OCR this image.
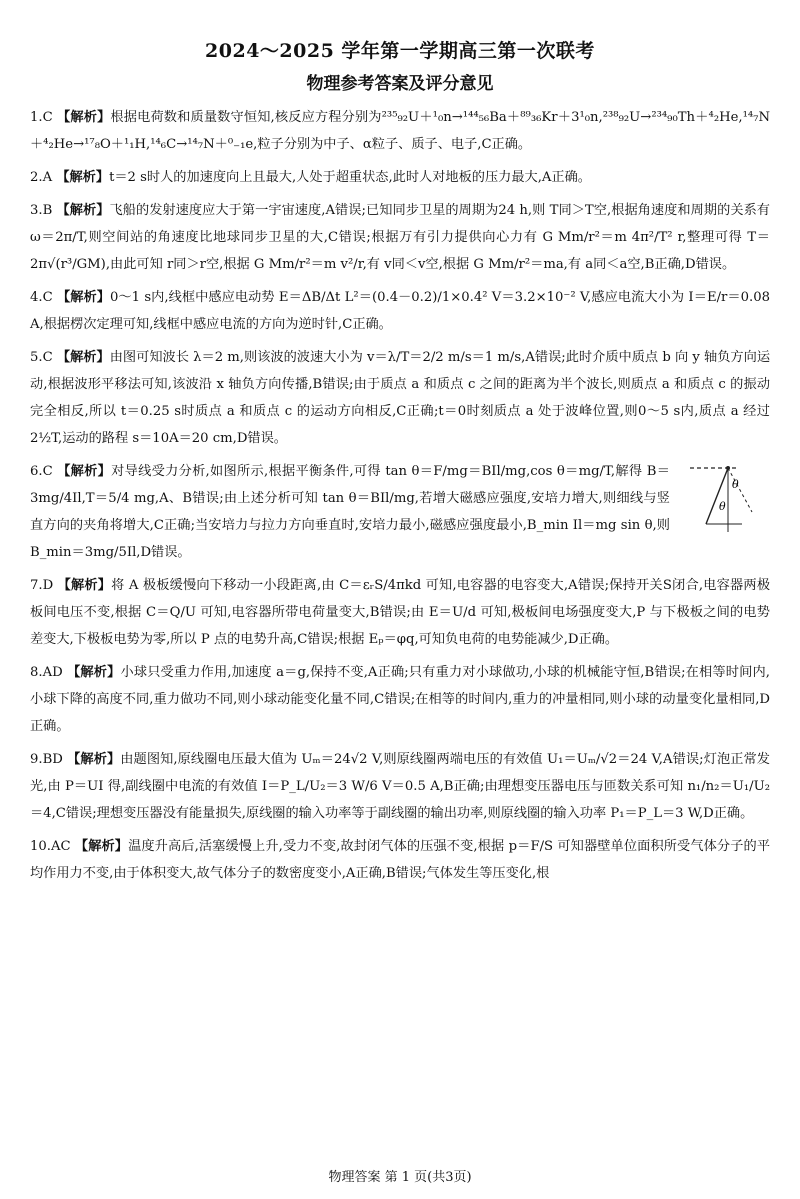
2024～2025 学年第一学期高三第一次联考
物理参考答案及评分意见

1.C 【解析】根据电荷数和质量数守恒知,核反应方程分别为²³⁵₉₂U＋¹₀n→¹⁴⁴₅₆Ba＋⁸⁹₃₆Kr＋3¹₀n,²³⁸₉₂U→²³⁴₉₀Th＋⁴₂He,¹⁴₇N＋⁴₂He→¹⁷₈O＋¹₁H,¹⁴₆C→¹⁴₇N＋⁰₋₁e,粒子分别为中子、α粒子、质子、电子,C正确。

2.A 【解析】t＝2 s时人的加速度向上且最大,人处于超重状态,此时人对地板的压力最大,A正确。

3.B 【解析】飞船的发射速度应大于第一宇宙速度,A错误;已知同步卫星的周期为24 h,则 T同＞T空,根据角速度和周期的关系有 ω＝2π/T,则空间站的角速度比地球同步卫星的大,C错误;根据万有引力提供向心力有 G Mm/r²＝m 4π²/T² r,整理可得 T＝2π√(r³/GM),由此可知 r同＞r空,根据 G Mm/r²＝m v²/r,有 v同＜v空,根据 G Mm/r²＝ma,有 a同＜a空,B正确,D错误。

4.C 【解析】0～1 s内,线框中感应电动势 E＝ΔB/Δt L²＝(0.4－0.2)/1×0.4² V＝3.2×10⁻² V,感应电流大小为 I＝E/r＝0.08 A,根据楞次定理可知,线框中感应电流的方向为逆时针,C正确。

5.C 【解析】由图可知波长 λ＝2 m,则该波的波速大小为 v＝λ/T＝2/2 m/s＝1 m/s,A错误;此时介质中质点 b 向 y 轴负方向运动,根据波形平移法可知,该波沿 x 轴负方向传播,B错误;由于质点 a 和质点 c 之间的距离为半个波长,则质点 a 和质点 c 的振动完全相反,所以 t＝0.25 s时质点 a 和质点 c 的运动方向相反,C正确;t＝0时刻质点 a 处于波峰位置,则0～5 s内,质点 a 经过2½T,运动的路程 s＝10A＝20 cm,D错误。

θ
θ
6.C 【解析】对导线受力分析,如图所示,根据平衡条件,可得 tan θ＝F/mg＝BIl/mg,cos θ＝mg/T,解得 B＝3mg/4Il,T＝5/4 mg,A、B错误;由上述分析可知 tan θ＝BIl/mg,若增大磁感应强度,安培力增大,则细线与竖直方向的夹角将增大,C正确;当安培力与拉力方向垂直时,安培力最小,磁感应强度最小,B_min Il＝mg sin θ,则 B_min＝3mg/5Il,D错误。

7.D 【解析】将 A 极板缓慢向下移动一小段距离,由 C＝εᵣS/4πkd 可知,电容器的电容变大,A错误;保持开关S闭合,电容器两极板间电压不变,根据 C＝Q/U 可知,电容器所带电荷量变大,B错误;由 E＝U/d 可知,极板间电场强度变大,P 与下极板之间的电势差变大,下极板电势为零,所以 P 点的电势升高,C错误;根据 Eₚ＝φq,可知负电荷的电势能减少,D正确。

8.AD 【解析】小球只受重力作用,加速度 a＝g,保持不变,A正确;只有重力对小球做功,小球的机械能守恒,B错误;在相等时间内,小球下降的高度不同,重力做功不同,则小球动能变化量不同,C错误;在相等的时间内,重力的冲量相同,则小球的动量变化量相同,D正确。

9.BD 【解析】由题图知,原线圈电压最大值为 Uₘ＝24√2 V,则原线圈两端电压的有效值 U₁＝Uₘ/√2＝24 V,A错误;灯泡正常发光,由 P＝UI 得,副线圈中电流的有效值 I＝P_L/U₂＝3 W/6 V＝0.5 A,B正确;由理想变压器电压与匝数关系可知 n₁/n₂＝U₁/U₂＝4,C错误;理想变压器没有能量损失,原线圈的输入功率等于副线圈的输出功率,则原线圈的输入功率 P₁＝P_L＝3 W,D正确。

10.AC 【解析】温度升高后,活塞缓慢上升,受力不变,故封闭气体的压强不变,根据 p＝F/S 可知器壁单位面积所受气体分子的平均作用力不变,由于体积变大,故气体分子的数密度变小,A正确,B错误;气体发生等压变化,根

物理答案 第 1 页(共3页)
